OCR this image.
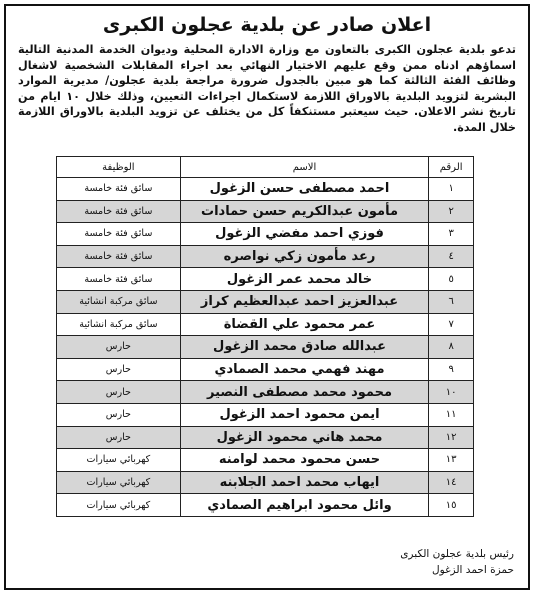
اعلان صادر عن بلدية عجلون الكبرى
تدعو بلدية عجلون الكبرى بالتعاون مع وزارة الادارة المحلية وديوان الخدمة المدنية التالية اسماؤهم ادناه ممن وقع عليهم الاختيار النهائي بعد اجراء المقابلات الشخصية لاشغال وظائف الفئة الثالثة كما هو مبين بالجدول ضرورة مراجعة بلدية عجلون/ مديرية الموارد البشرية لتزويد البلدية بالاوراق اللازمة لاستكمال اجراءات التعيين، وذلك خلال ١٠ ايام من تاريخ نشر الاعلان. حيث سيعتبر مستنكفاً كل من يختلف عن تزويد البلدية بالاوراق اللازمة خلال المدة.
الرقم	الاسم	الوظيفة
١	احمد مصطفى حسن الزغول	سائق فئة خامسة
٢	مأمون عبدالكريم حسن حمادات	سائق فئة خامسة
٣	فوزي احمد مفضي الزغول	سائق فئة خامسة
٤	رعد مأمون زكي نواصره	سائق فئة خامسة
٥	خالد محمد عمر الزغول	سائق فئة خامسة
٦	عبدالعزيز احمد عبدالعظيم كراز	سائق مركبة انشائية
٧	عمر محمود علي القضاة	سائق مركبة انشائية
٨	عبدالله صادق محمد الزغول	حارس
٩	مهند فهمي محمد الصمادي	حارس
١٠	محمود محمد مصطفى النصير	حارس
١١	ايمن محمود احمد الزغول	حارس
١٢	محمد هاني محمود الزغول	حارس
١٣	حسن محمود محمد لوامنه	كهربائي سيارات
١٤	ايهاب محمد احمد الجلابنه	كهربائي سيارات
١٥	وائل محمود ابراهيم الصمادي	كهربائي سيارات
رئيس بلدية عجلون الكبرى
حمزة احمد الزغول
